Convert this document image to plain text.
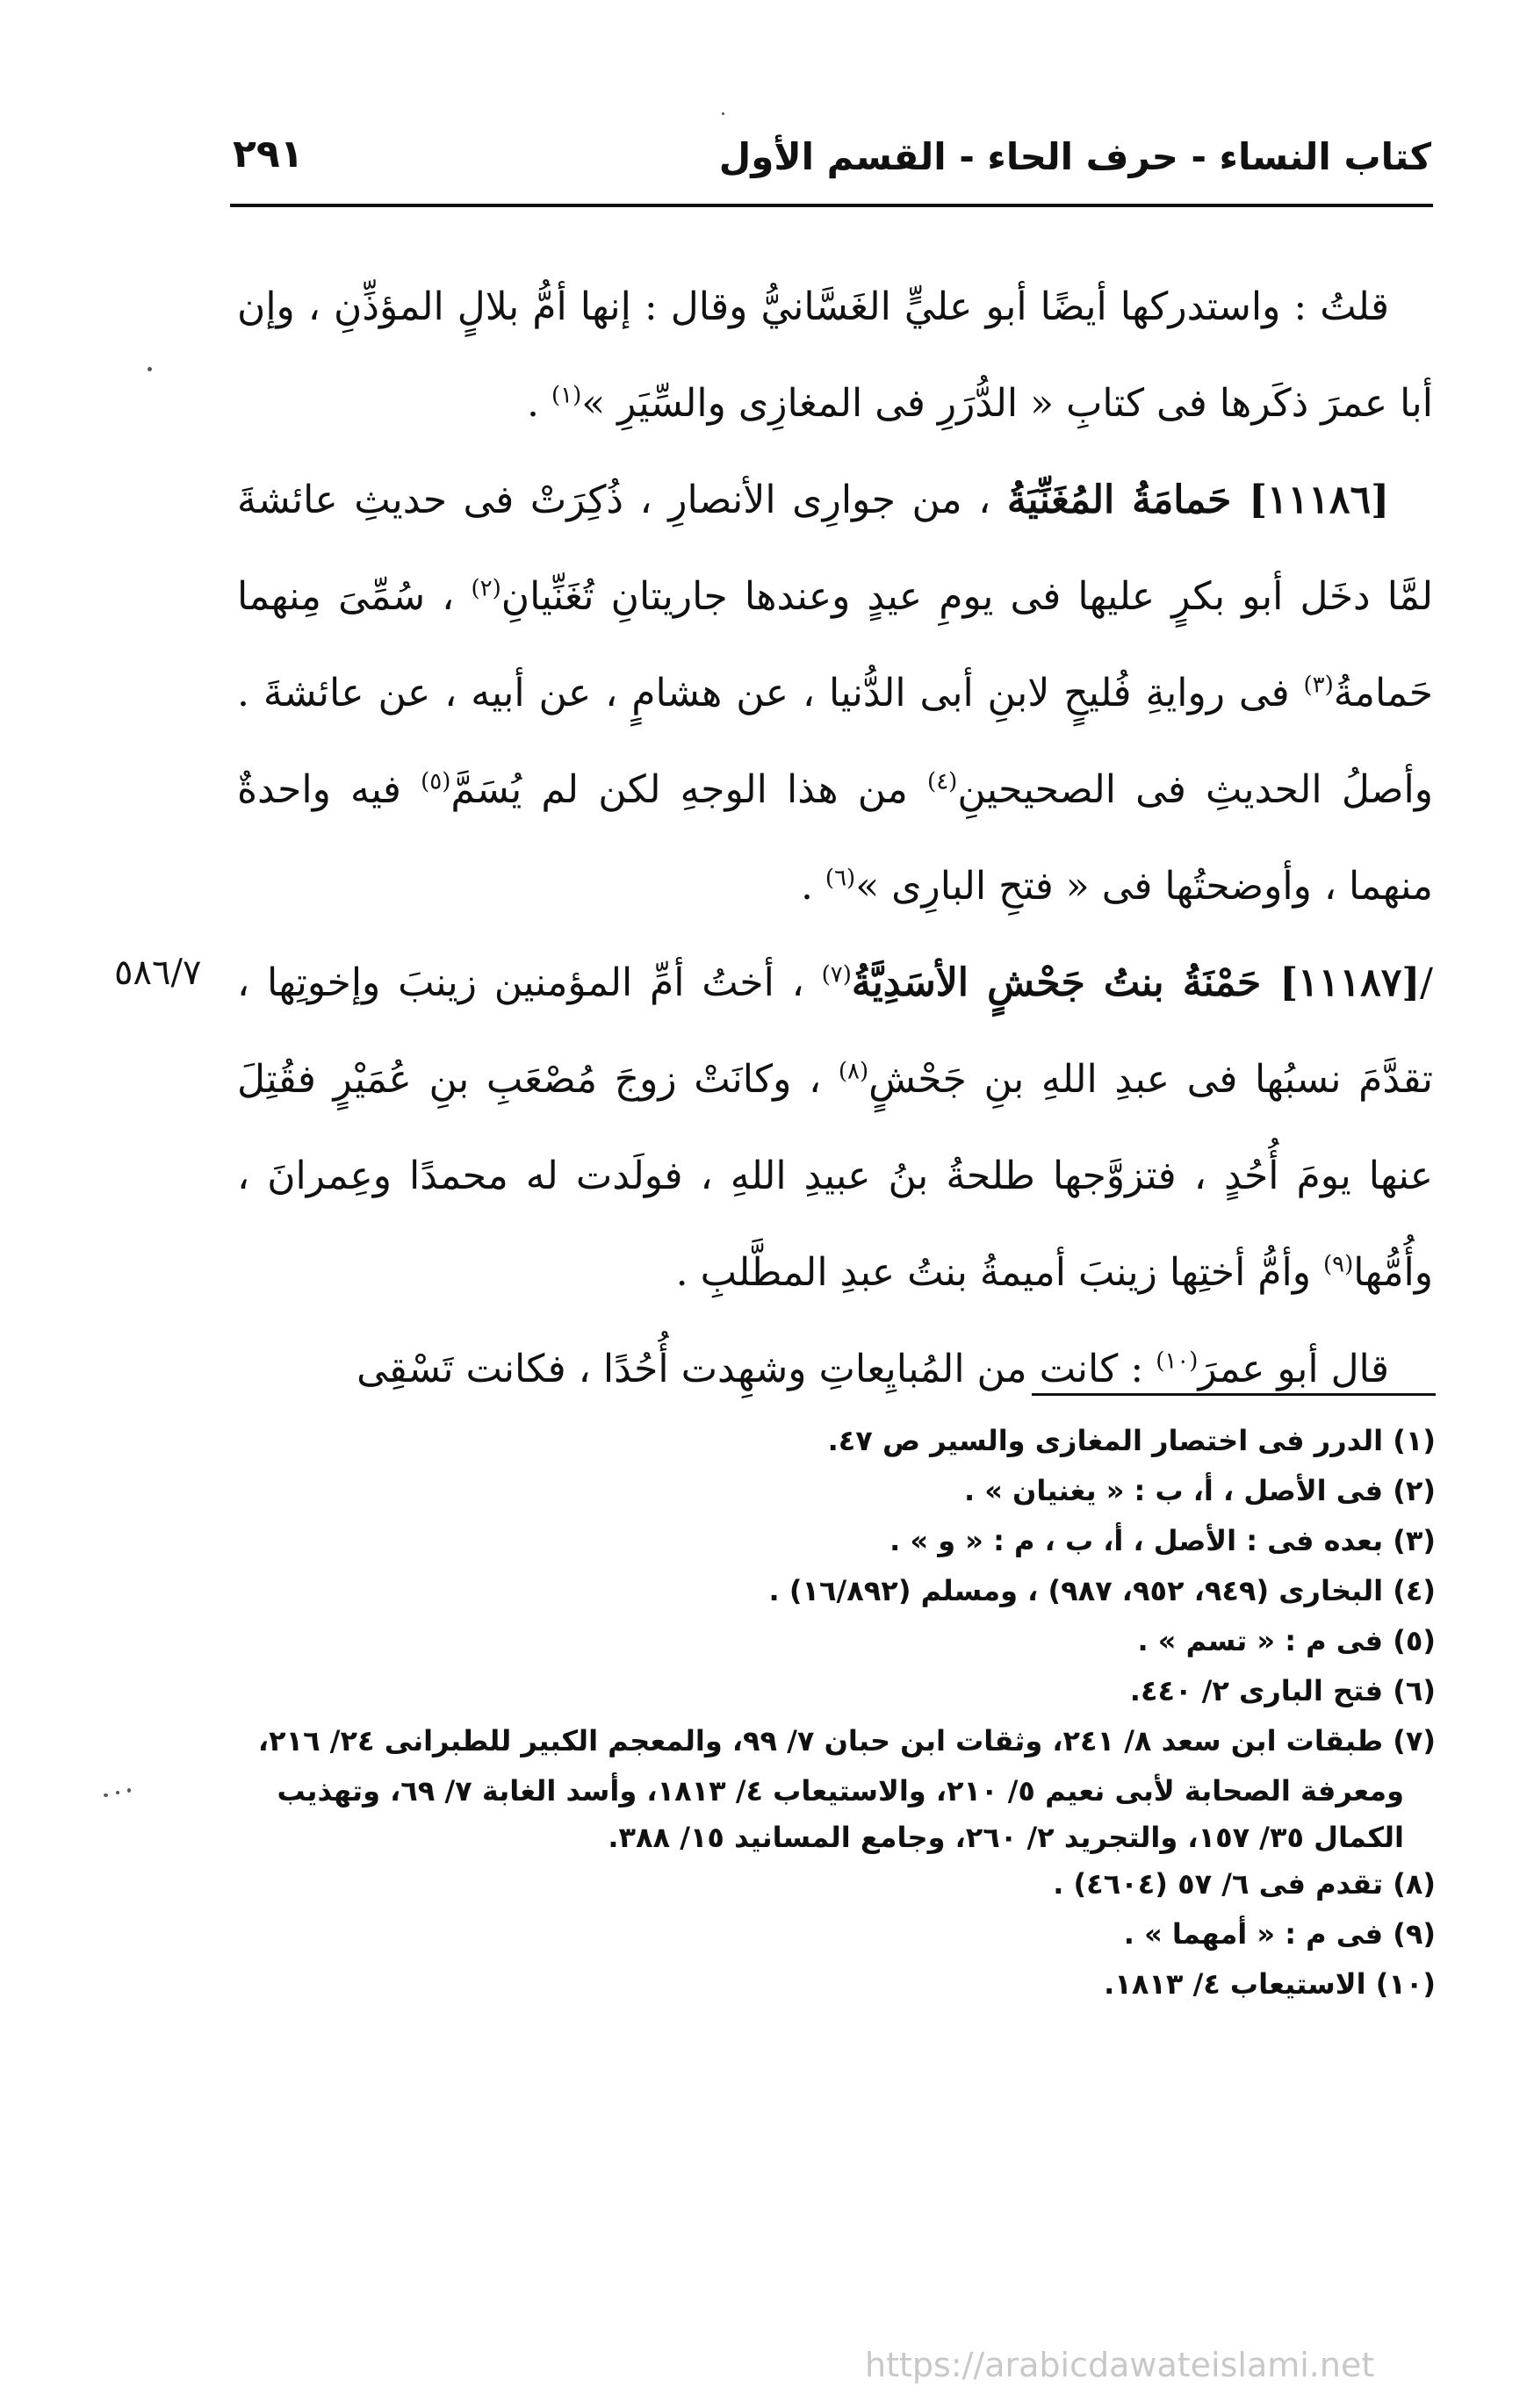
كتاب النساء - حرف الحاء - القسم الأول
٢٩١
٥٨٦/٧

قلتُ : واستدركها أيضًا أبو عليٍّ الغَسَّانيُّ وقال : إنها أمُّ بلالٍ المؤذِّنِ ، وإن أبا عمرَ ذكَرها فى كتابِ « الدُّرَرِ فى المغازِى والسِّيَرِ »$^{(١)}$ .

[١١١٨٦] حَمامَةُ المُغَنِّيَةُ ، من جوارِى الأنصارِ ، ذُكِرَتْ فى حديثِ عائشةَ لمَّا دخَل أبو بكرٍ عليها فى يومِ عيدٍ وعندها جاريتانِ تُغَنِّيانِ$^{(٢)}$ ، سُمِّىَ مِنهما حَمامةُ$^{(٣)}$ فى روايةِ فُليحٍ لابنِ أبى الدُّنيا ، عن هشامٍ ، عن أبيه ، عن عائشةَ . وأصلُ الحديثِ فى الصحيحينِ$^{(٤)}$ من هذا الوجهِ لكن لم يُسَمَّ$^{(٥)}$ فيه واحدةٌ منهما ، وأوضحتُها فى « فتحِ البارِى »$^{(٦)}$ .

/[١١١٨٧] حَمْنَةُ بنتُ جَحْشٍ الأسَدِيَّةُ$^{(٧)}$ ، أختُ أمِّ المؤمنين زينبَ وإخوتِها ، تقدَّمَ نسبُها فى عبدِ اللهِ بنِ جَحْشٍ$^{(٨)}$ ، وكانَتْ زوجَ مُصْعَبِ بنِ عُمَيْرٍ فقُتِلَ عنها يومَ أُحُدٍ ، فتزوَّجها طلحةُ بنُ عبيدِ اللهِ ، فولَدت له محمدًا وعِمرانَ ، وأُمُّها$^{(٩)}$ وأمُّ أختِها زينبَ أميمةُ بنتُ عبدِ المطَّلبِ .

قال أبو عمرَ$^{(١٠)}$ : كانت من المُبايِعاتِ وشهِدت أُحُدًا ، فكانت تَسْقِى

(١) الدرر فى اختصار المغازى والسير ص ٤٧.

(٢) فى الأصل ، أ، ب : « يغنيان » .

(٣) بعده فى : الأصل ، أ، ب ، م : « و » .

(٤) البخارى (٩٤٩، ٩٥٢، ٩٨٧) ، ومسلم (١٦/٨٩٢) .

(٥) فى م : « تسم » .

(٦) فتح البارى ٢/ ٤٤٠.

(٧) طبقات ابن سعد ٨/ ٢٤١، وثقات ابن حبان ٧/ ٩٩، والمعجم الكبير للطبرانى ٢٤/ ٢١٦،

ومعرفة الصحابة لأبى نعيم ٥/ ٢١٠، والاستيعاب ٤/ ١٨١٣، وأسد الغابة ٧/ ٦٩، وتهذيب

الكمال ٣٥/ ١٥٧، والتجريد ٢/ ٢٦٠، وجامع المسانيد ١٥/ ٣٨٨.

(٨) تقدم فى ٦/ ٥٧ (٤٦٠٤) .

(٩) فى م : « أمهما » .

(١٠) الاستيعاب ٤/ ١٨١٣.

https://arabicdawateislami.net
